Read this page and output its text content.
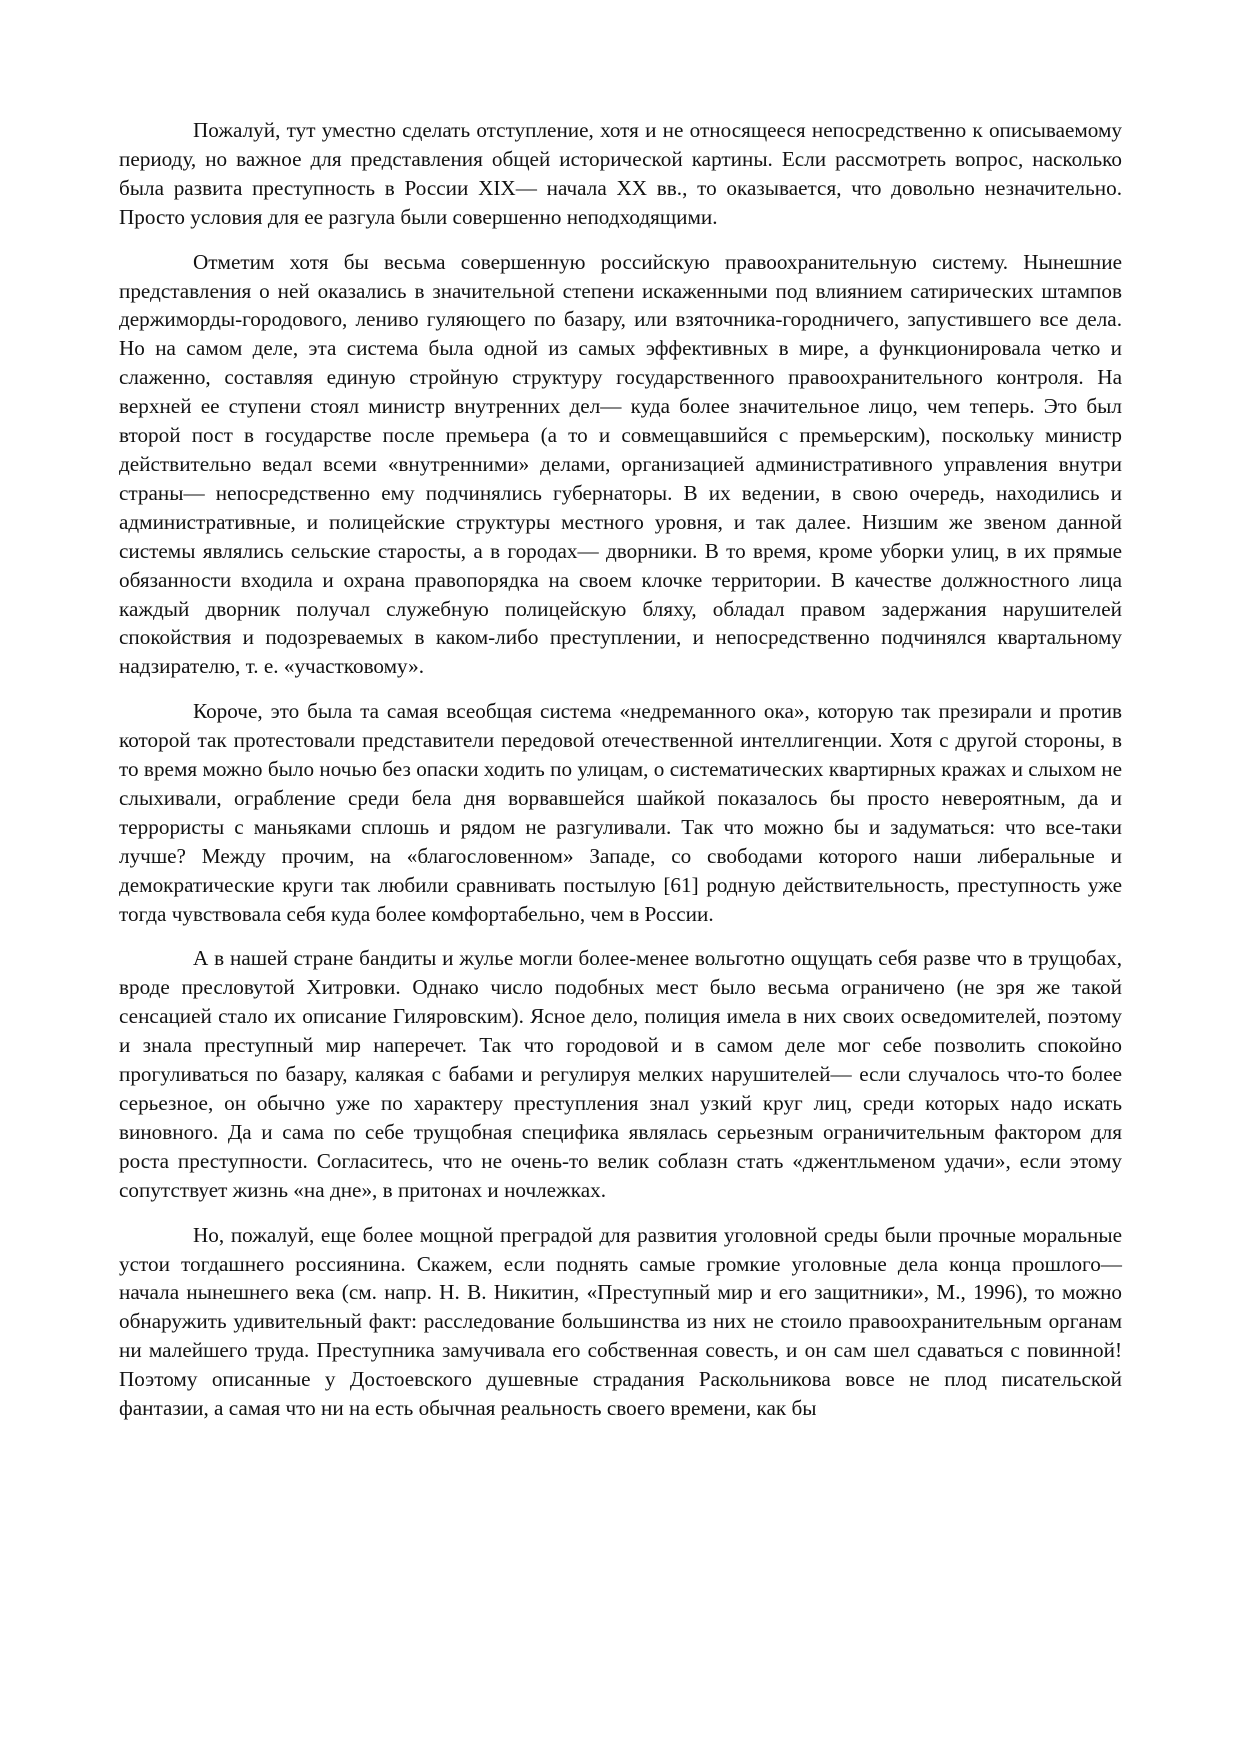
Пожалуй, тут уместно сделать отступление, хотя и не относящееся непосредственно к описываемому периоду, но важное для представления общей исторической картины. Если рассмотреть вопрос, насколько была развита преступность в России XIX— начала XX вв., то оказывается, что довольно незначительно. Просто условия для ее разгула были совершенно неподходящими.

Отметим хотя бы весьма совершенную российскую правоохранительную систему. Нынешние представления о ней оказались в значительной степени искаженными под влиянием сатирических штампов держиморды-городового, лениво гуляющего по базару, или взяточника-городничего, запустившего все дела. Но на самом деле, эта система была одной из самых эффективных в мире, а функционировала четко и слаженно, составляя единую стройную структуру государственного правоохранительного контроля. На верхней ее ступени стоял министр внутренних дел— куда более значительное лицо, чем теперь. Это был второй пост в государстве после премьера (а то и совмещавшийся с премьерским), поскольку министр действительно ведал всеми «внутренними» делами, организацией административного управления внутри страны— непосредственно ему подчинялись губернаторы. В их ведении, в свою очередь, находились и административные, и полицейские структуры местного уровня, и так далее. Низшим же звеном данной системы являлись сельские старосты, а в городах— дворники. В то время, кроме уборки улиц, в их прямые обязанности входила и охрана правопорядка на своем клочке территории. В качестве должностного лица каждый дворник получал служебную полицейскую бляху, обладал правом задержания нарушителей спокойствия и подозреваемых в каком-либо преступлении, и непосредственно подчинялся квартальному надзирателю, т. е. «участковому».

Короче, это была та самая всеобщая система «недреманного ока», которую так презирали и против которой так протестовали представители передовой отечественной интеллигенции. Хотя с другой стороны, в то время можно было ночью без опаски ходить по улицам, о систематических квартирных кражах и слыхом не слыхивали, ограбление среди бела дня ворвавшейся шайкой показалось бы просто невероятным, да и террористы с маньяками сплошь и рядом не разгуливали. Так что можно бы и задуматься: что все-таки лучше? Между прочим, на «благословенном» Западе, со свободами которого наши либеральные и демократические круги так любили сравнивать постылую [61] родную действительность, преступность уже тогда чувствовала себя куда более комфортабельно, чем в России.

А в нашей стране бандиты и жулье могли более-менее вольготно ощущать себя разве что в трущобах, вроде пресловутой Хитровки. Однако число подобных мест было весьма ограничено (не зря же такой сенсацией стало их описание Гиляровским). Ясное дело, полиция имела в них своих осведомителей, поэтому и знала преступный мир наперечет. Так что городовой и в самом деле мог себе позволить спокойно прогуливаться по базару, калякая с бабами и регулируя мелких нарушителей— если случалось что-то более серьезное, он обычно уже по характеру преступления знал узкий круг лиц, среди которых надо искать виновного. Да и сама по себе трущобная специфика являлась серьезным ограничительным фактором для роста преступности. Согласитесь, что не очень-то велик соблазн стать «джентльменом удачи», если этому сопутствует жизнь «на дне», в притонах и ночлежках.

Но, пожалуй, еще более мощной преградой для развития уголовной среды были прочные моральные устои тогдашнего россиянина. Скажем, если поднять самые громкие уголовные дела конца прошлого— начала нынешнего века (см. напр. Н. В. Никитин, «Преступный мир и его защитники», М., 1996), то можно обнаружить удивительный факт: расследование большинства из них не стоило правоохранительным органам ни малейшего труда. Преступника замучивала его собственная совесть, и он сам шел сдаваться с повинной! Поэтому описанные у Достоевского душевные страдания Раскольникова вовсе не плод писательской фантазии, а самая что ни на есть обычная реальность своего времени, как бы
